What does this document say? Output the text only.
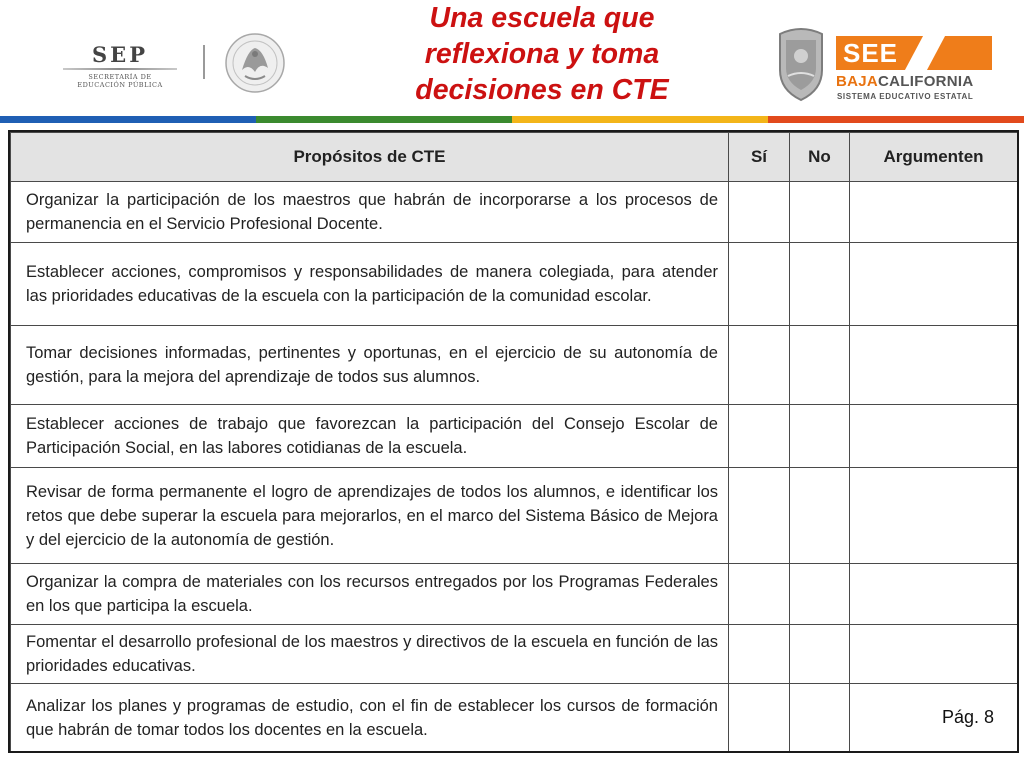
SEP
SECRETARÍA DE
EDUCACIÓN PÚBLICA
Una escuela que reflexiona y toma decisiones en CTE
SEE
BAJACALIFORNIA
SISTEMA EDUCATIVO ESTATAL
Propósitos de CTE	Sí	No	Argumenten
Organizar la participación de los maestros que habrán de incorporarse a los procesos de permanencia en el Servicio Profesional Docente.			
Establecer acciones, compromisos y responsabilidades de manera colegiada, para atender las prioridades educativas de la escuela con la participación de la comunidad escolar.			
Tomar decisiones informadas, pertinentes y oportunas, en el ejercicio de su autonomía de gestión, para la mejora del aprendizaje de todos sus alumnos.			
Establecer acciones de trabajo que favorezcan la participación del Consejo Escolar de Participación Social, en las labores cotidianas de la escuela.			
Revisar de forma permanente el logro de aprendizajes de todos los alumnos, e identificar los retos que debe superar la escuela para mejorarlos, en el marco del Sistema Básico de Mejora y del ejercicio de la autonomía de gestión.			
Organizar la compra de materiales con los recursos entregados por los Programas Federales en los que participa la escuela.			
Fomentar el desarrollo profesional de los maestros y directivos de la escuela en función de las prioridades educativas.			
Analizar los planes y programas de estudio, con el fin de establecer los cursos de formación que habrán de tomar todos los docentes en la escuela.			
Pág. 8
